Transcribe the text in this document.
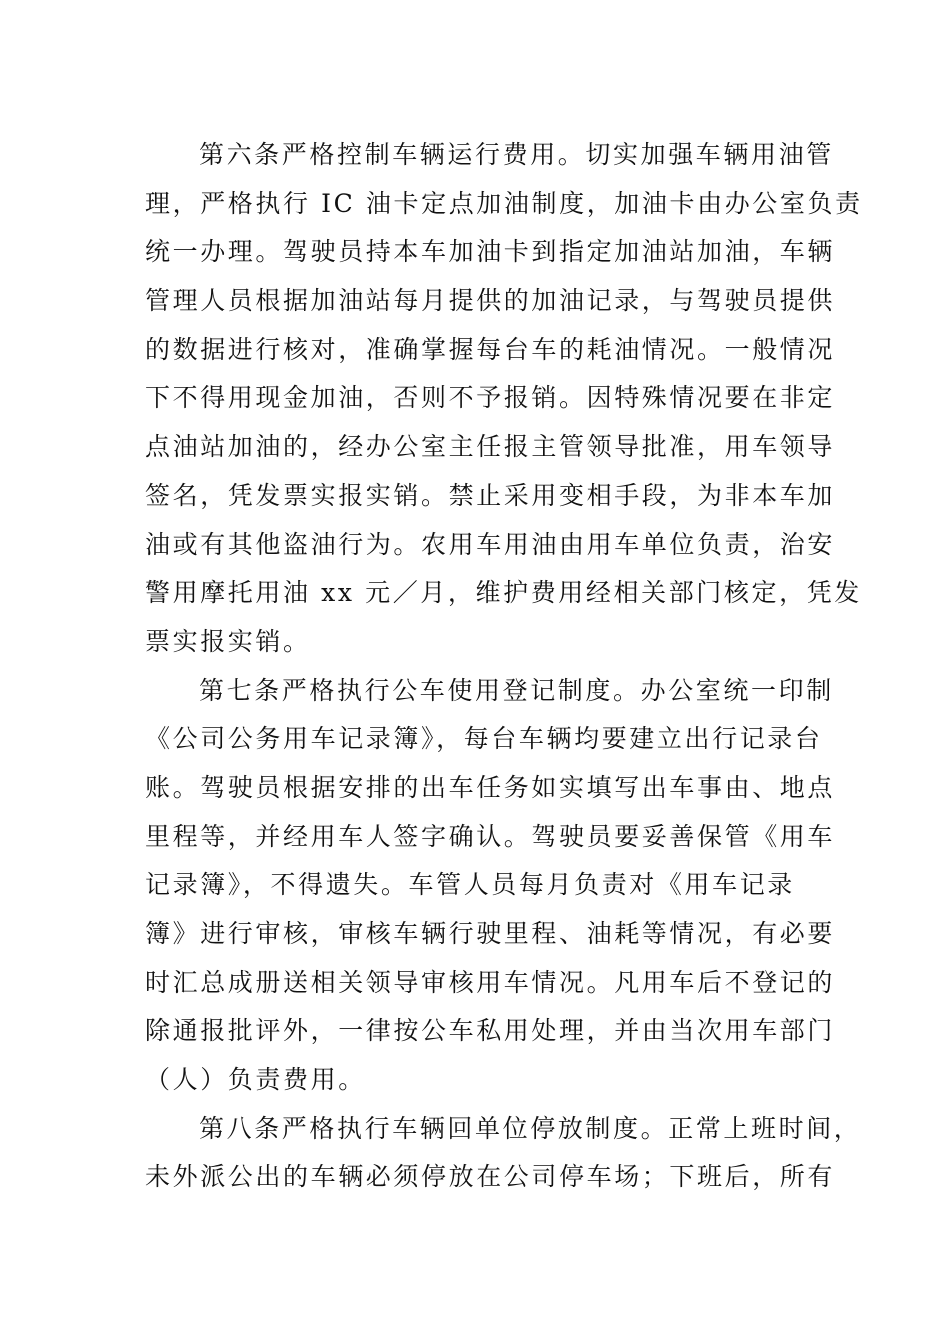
第六条严格控制车辆运行费用。切实加强车辆用油管
理，严格执行 IC 油卡定点加油制度，加油卡由办公室负责
统一办理。驾驶员持本车加油卡到指定加油站加油，车辆
管理人员根据加油站每月提供的加油记录，与驾驶员提供
的数据进行核对，准确掌握每台车的耗油情况。一般情况
下不得用现金加油，否则不予报销。因特殊情况要在非定
点油站加油的，经办公室主任报主管领导批准，用车领导
签名，凭发票实报实销。禁止采用变相手段，为非本车加
油或有其他盗油行为。农用车用油由用车单位负责，治安
警用摩托用油 xx 元／月，维护费用经相关部门核定，凭发
票实报实销。
第七条严格执行公车使用登记制度。办公室统一印制
《公司公务用车记录簿》，每台车辆均要建立出行记录台
账。驾驶员根据安排的出车任务如实填写出车事由、地点
里程等，并经用车人签字确认。驾驶员要妥善保管《用车
记录簿》，不得遗失。车管人员每月负责对《用车记录
簿》进行审核，审核车辆行驶里程、油耗等情况，有必要
时汇总成册送相关领导审核用车情况。凡用车后不登记的
除通报批评外，一律按公车私用处理，并由当次用车部门
（人）负责费用。
第八条严格执行车辆回单位停放制度。正常上班时间，
未外派公出的车辆必须停放在公司停车场；下班后，所有
